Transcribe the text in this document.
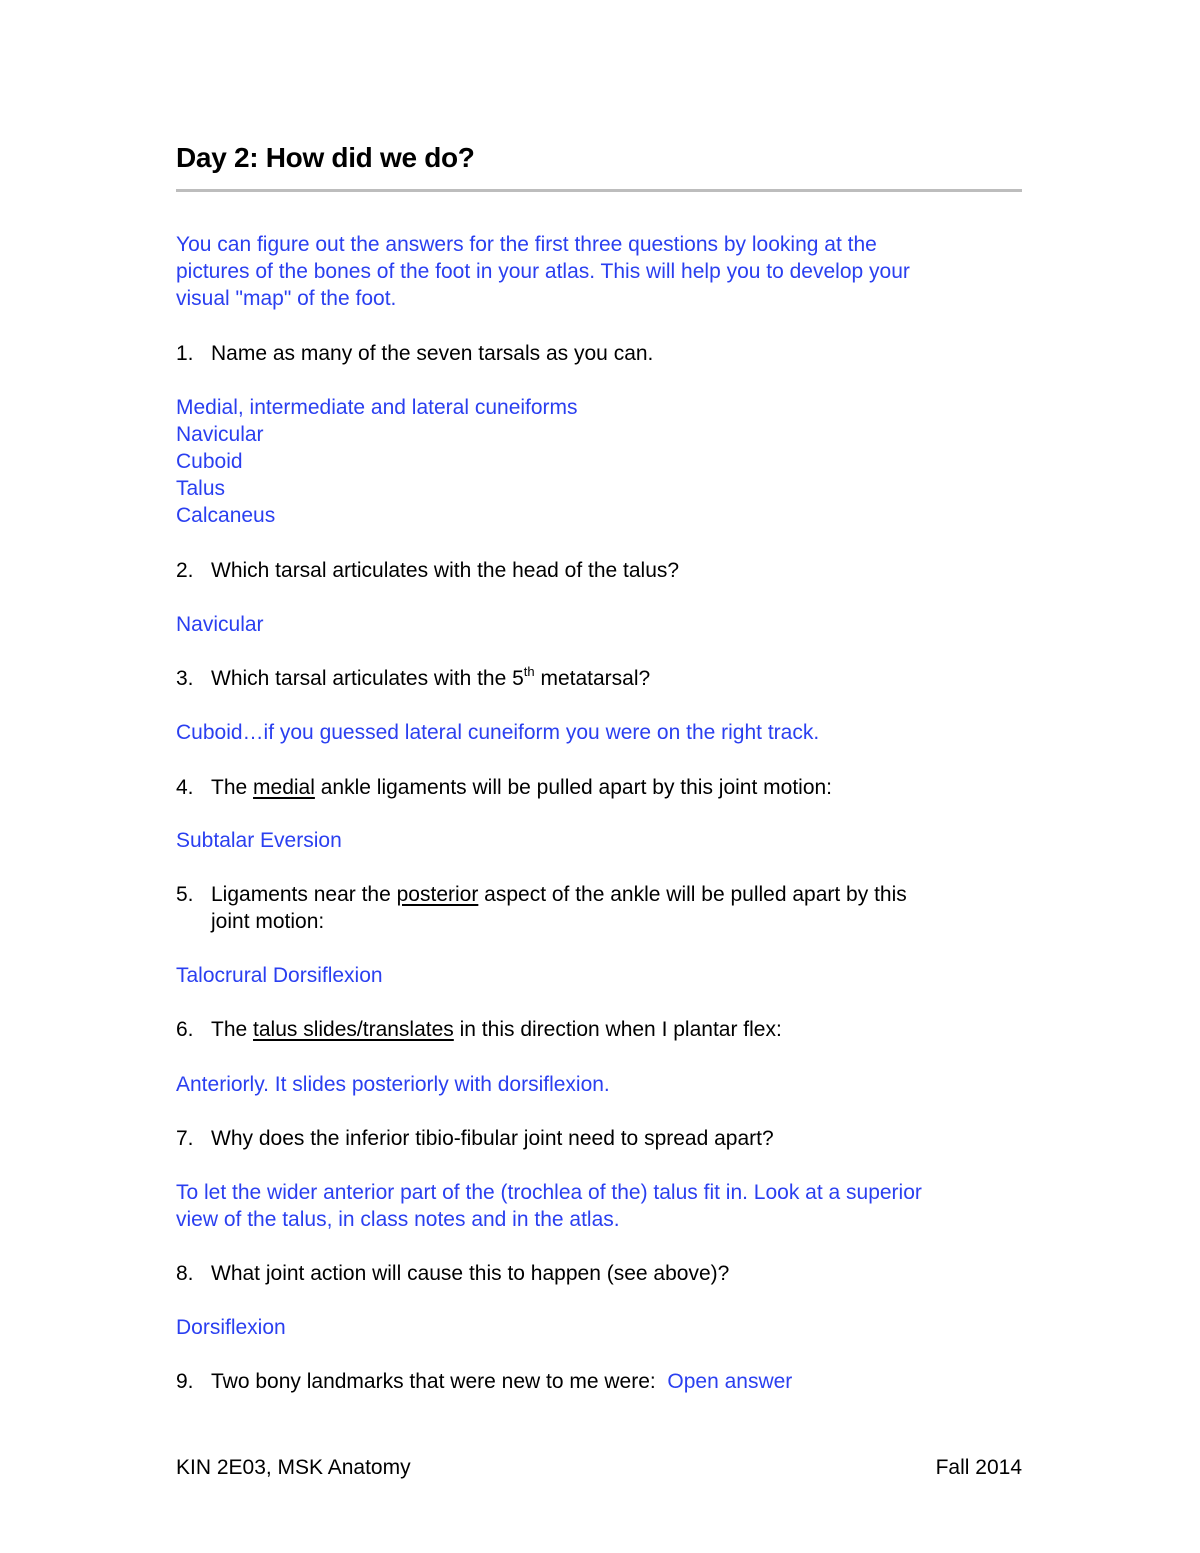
Day 2: How did we do?
You can figure out the answers for the first three questions by looking at the
pictures of the bones of the foot in your atlas. This will help you to develop your
visual "map" of the foot.
1. Name as many of the seven tarsals as you can.
Medial, intermediate and lateral cuneiforms
Navicular
Cuboid
Talus
Calcaneus
2. Which tarsal articulates with the head of the talus?
Navicular
3. Which tarsal articulates with the 5th metatarsal?
Cuboid…if you guessed lateral cuneiform you were on the right track.
4. The medial ankle ligaments will be pulled apart by this joint motion:
Subtalar Eversion
5. Ligaments near the posterior aspect of the ankle will be pulled apart by this
joint motion:
Talocrural Dorsiflexion
6. The talus slides/translates in this direction when I plantar flex:
Anteriorly. It slides posteriorly with dorsiflexion.
7. Why does the inferior tibio-fibular joint need to spread apart?
To let the wider anterior part of the (trochlea of the) talus fit in. Look at a superior
view of the talus, in class notes and in the atlas.
8. What joint action will cause this to happen (see above)?
Dorsiflexion
9. Two bony landmarks that were new to me were:  Open answer
KIN 2E03, MSK Anatomy	Fall 2014
